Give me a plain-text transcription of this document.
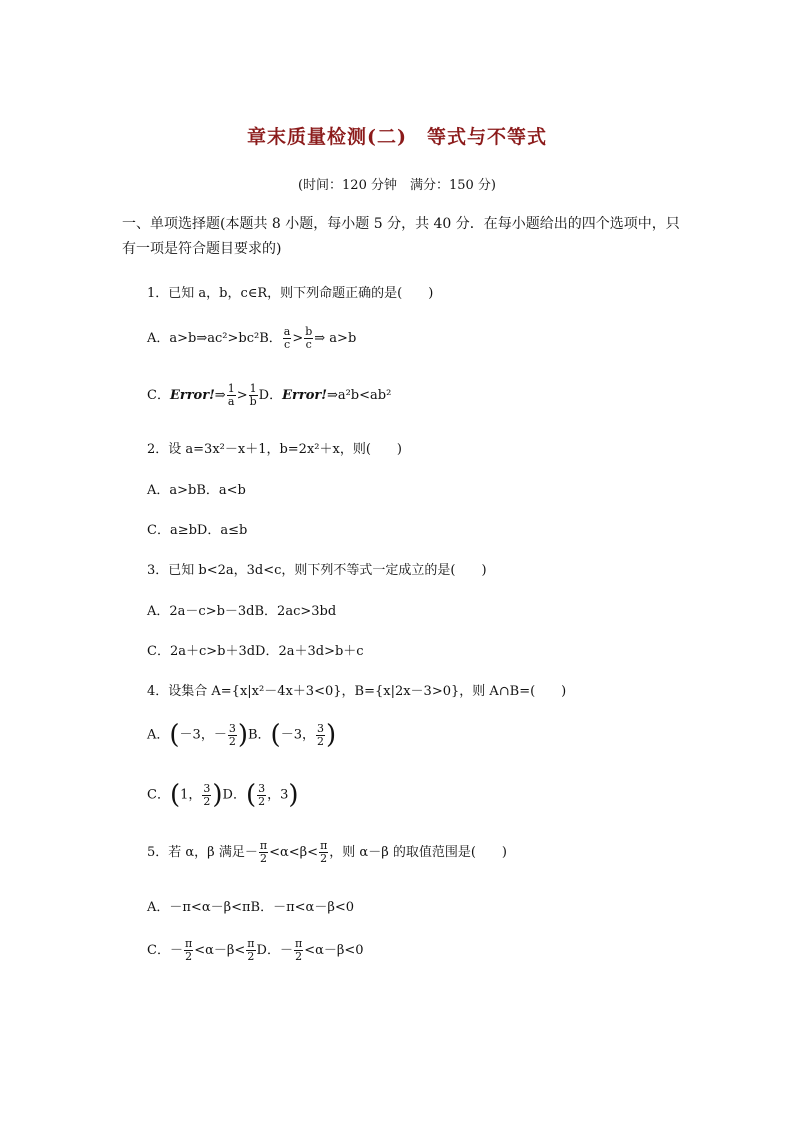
章末质量检测(二)　等式与不等式
(时间：120 分钟　满分：150 分)
一、单项选择题(本题共 8 小题，每小题 5 分，共 40 分．在每小题给出的四个选项中，只有一项是符合题目要求的)
1．已知 a，b，c∈R，则下列命题正确的是(　　)
A．a>b⇒ac²>bc²B． $\frac{a}{c} > \frac{b}{c}$ ⇒ a>b
C．Error!⇒ $\frac{1}{a} > \frac{1}{b}$ D．Error!⇒a²b<ab²
2．设 a=3x²－x＋1，b=2x²＋x，则(　　)
A．a>bB．a<b
C．a≥bD．a≤b
3．已知 b<2a，3d<c，则下列不等式一定成立的是(　　)
A．2a－c>b－3dB．2ac>3bd
C．2a＋c>b＋3dD．2a＋3d>b＋c
4．设集合 A={x|x²－4x＋3<0}，B={x|2x－3>0}，则 A∩B=(　　)
A．(－3，－ $\frac{3}{2} )B$．(－3， $\frac{3}{2}$ )
C．(1， $\frac{3}{2} )D$．( $\frac{3}{2}$ ，3)
5．若 α，β 满足－ $\frac{\pi}{2} <\alpha<\beta< \frac{\pi}{2}$ ，则 α－β 的取值范围是(　　)
A．－π<α－β<πB．－π<α－β<0
C．－ $\frac{\pi}{2} <\alpha-\beta< \frac{\pi}{2}$ D．－ $\frac{\pi}{2} <\alpha-\beta<0$
